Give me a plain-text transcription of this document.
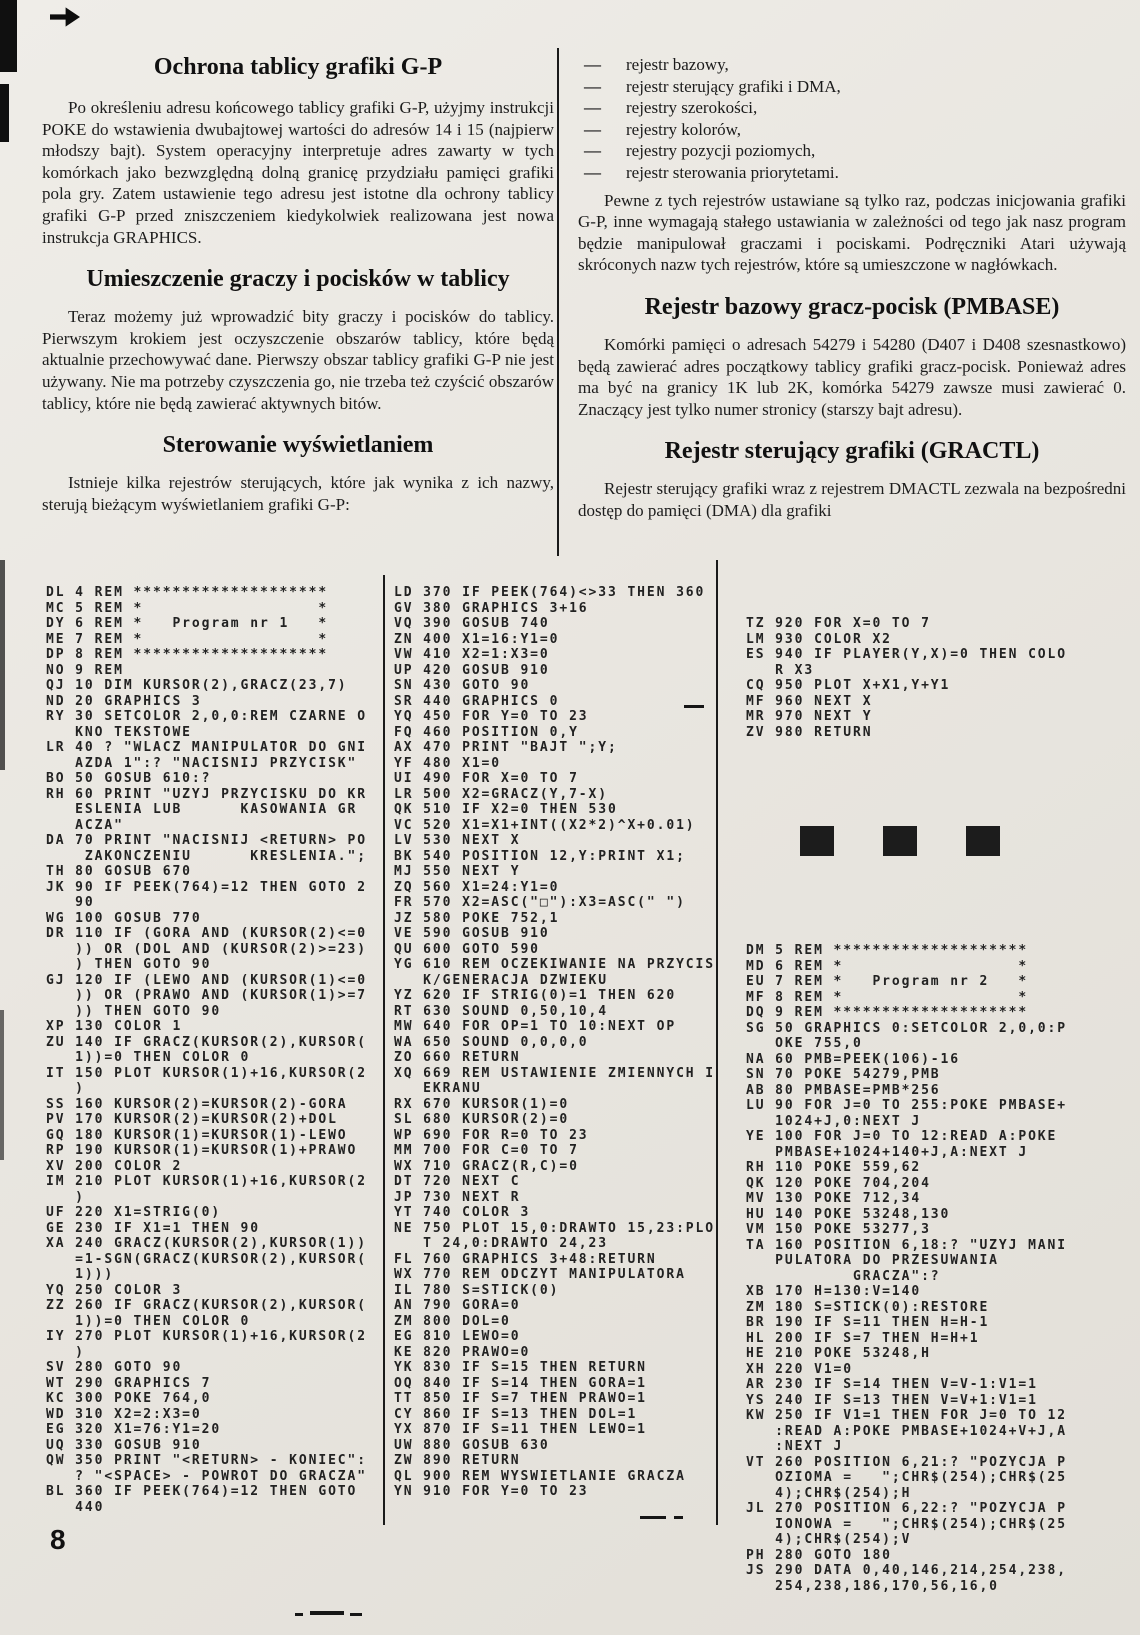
Ochrona tablicy grafiki G-P

Po określeniu adresu końcowego tablicy grafiki G-P, użyjmy instrukcji POKE do wstawienia dwubajtowej wartości do adresów 14 i 15 (najpierw młodszy bajt). System operacyjny interpretuje adres zawarty w tych komórkach jako bezwzględną dolną granicę przydziału pamięci grafiki pola gry. Zatem ustawienie tego adresu jest istotne dla ochrony tablicy grafiki G-P przed zniszczeniem kiedykolwiek realizowana jest nowa instrukcja GRAPHICS.

Umieszczenie graczy i pocisków w tablicy

Teraz możemy już wprowadzić bity graczy i pocisków do tablicy. Pierwszym krokiem jest oczyszczenie obszarów tablicy, które będą aktualnie przechowywać dane. Pierwszy obszar tablicy grafiki G-P nie jest używany. Nie ma potrzeby czyszczenia go, nie trzeba też czyścić obszarów tablicy, które nie będą zawierać aktywnych bitów.

Sterowanie wyświetlaniem

Istnieje kilka rejestrów sterujących, które jak wynika z ich nazwy, sterują bieżącym wyświetlaniem grafiki G-P:

— rejestr bazowy,
— rejestr sterujący grafiki i DMA,
— rejestry szerokości,
— rejestry kolorów,
— rejestry pozycji poziomych,
— rejestr sterowania priorytetami.

Pewne z tych rejestrów ustawiane są tylko raz, podczas inicjowania grafiki G-P, inne wymagają stałego ustawiania w zależności od tego jak nasz program będzie manipulował graczami i pociskami. Podręczniki Atari używają skróconych nazw tych rejestrów, które są umieszczone w nagłówkach.

Rejestr bazowy gracz-pocisk (PMBASE)

Komórki pamięci o adresach 54279 i 54280 (D407 i D408 szesnastkowo) będą zawierać adres początkowy tablicy grafiki gracz-pocisk. Ponieważ adres ma być na granicy 1K lub 2K, komórka 54279 zawsze musi zawierać 0. Znaczący jest tylko numer stronicy (starszy bajt adresu).

Rejestr sterujący grafiki (GRACTL)

Rejestr sterujący grafiki wraz z rejestrem DMACTL zezwala na bezpośredni dostęp do pamięci (DMA) dla grafiki

DL 4 REM ********************
MC 5 REM *                  *
DY 6 REM *   Program nr 1   *
ME 7 REM *                  *
DP 8 REM ********************
NO 9 REM
QJ 10 DIM KURSOR(2),GRACZ(23,7)
ND 20 GRAPHICS 3
RY 30 SETCOLOR 2,0,0:REM CZARNE O
KNO TEKSTOWE
LR 40 ? "WLACZ MANIPULATOR DO GNI
AZDA 1":? "NACISNIJ PRZYCISK"
BO 50 GOSUB 610:?
RH 60 PRINT "UZYJ PRZYCISKU DO KR
ESLENIA LUB      KASOWANIA GR
ACZA"
DA 70 PRINT "NACISNIJ <RETURN> PO
ZAKONCZENIU      KRESLENIA.";
TH 80 GOSUB 670
JK 90 IF PEEK(764)=12 THEN GOTO 2
90
WG 100 GOSUB 770
DR 110 IF (GORA AND (KURSOR(2)<=0
)) OR (DOL AND (KURSOR(2)>=23)
) THEN GOTO 90
GJ 120 IF (LEWO AND (KURSOR(1)<=0
)) OR (PRAWO AND (KURSOR(1)>=7
)) THEN GOTO 90
XP 130 COLOR 1
ZU 140 IF GRACZ(KURSOR(2),KURSOR(
1))=0 THEN COLOR 0
IT 150 PLOT KURSOR(1)+16,KURSOR(2
)
SS 160 KURSOR(2)=KURSOR(2)-GORA
PV 170 KURSOR(2)=KURSOR(2)+DOL
GQ 180 KURSOR(1)=KURSOR(1)-LEWO
RP 190 KURSOR(1)=KURSOR(1)+PRAWO
XV 200 COLOR 2
IM 210 PLOT KURSOR(1)+16,KURSOR(2
)
UF 220 X1=STRIG(0)
GE 230 IF X1=1 THEN 90
XA 240 GRACZ(KURSOR(2),KURSOR(1))
=1-SGN(GRACZ(KURSOR(2),KURSOR(
1)))
YQ 250 COLOR 3
ZZ 260 IF GRACZ(KURSOR(2),KURSOR(
1))=0 THEN COLOR 0
IY 270 PLOT KURSOR(1)+16,KURSOR(2
)
SV 280 GOTO 90
WT 290 GRAPHICS 7
KC 300 POKE 764,0
WD 310 X2=2:X3=0
EG 320 X1=76:Y1=20
UQ 330 GOSUB 910
QW 350 PRINT "<RETURN> - KONIEC":
? "<SPACE> - POWROT DO GRACZA"
BL 360 IF PEEK(764)=12 THEN GOTO
440
LD 370 IF PEEK(764)<>33 THEN 360
GV 380 GRAPHICS 3+16
VQ 390 GOSUB 740
ZN 400 X1=16:Y1=0
VW 410 X2=1:X3=0
UP 420 GOSUB 910
SN 430 GOTO 90
SR 440 GRAPHICS 0
YQ 450 FOR Y=0 TO 23
FQ 460 POSITION 0,Y
AX 470 PRINT "BAJT ";Y;
YF 480 X1=0
UI 490 FOR X=0 TO 7
LR 500 X2=GRACZ(Y,7-X)
QK 510 IF X2=0 THEN 530
VC 520 X1=X1+INT((X2*2)^X+0.01)
LV 530 NEXT X
BK 540 POSITION 12,Y:PRINT X1;
MJ 550 NEXT Y
ZQ 560 X1=24:Y1=0
FR 570 X2=ASC("□"):X3=ASC(" ")
JZ 580 POKE 752,1
VE 590 GOSUB 910
QU 600 GOTO 590
YG 610 REM OCZEKIWANIE NA PRZYCIS
K/GENERACJA DZWIEKU
YZ 620 IF STRIG(0)=1 THEN 620
RT 630 SOUND 0,50,10,4
MW 640 FOR OP=1 TO 10:NEXT OP
WA 650 SOUND 0,0,0,0
ZO 660 RETURN
XQ 669 REM USTAWIENIE ZMIENNYCH I
EKRANU
RX 670 KURSOR(1)=0
SL 680 KURSOR(2)=0
WP 690 FOR R=0 TO 23
MM 700 FOR C=0 TO 7
WX 710 GRACZ(R,C)=0
DT 720 NEXT C
JP 730 NEXT R
YT 740 COLOR 3
NE 750 PLOT 15,0:DRAWTO 15,23:PLO
T 24,0:DRAWTO 24,23
FL 760 GRAPHICS 3+48:RETURN
WX 770 REM ODCZYT MANIPULATORA
IL 780 S=STICK(0)
AN 790 GORA=0
ZM 800 DOL=0
EG 810 LEWO=0
KE 820 PRAWO=0
YK 830 IF S=15 THEN RETURN
OQ 840 IF S=14 THEN GORA=1
TT 850 IF S=7 THEN PRAWO=1
CY 860 IF S=13 THEN DOL=1
YX 870 IF S=11 THEN LEWO=1
UW 880 GOSUB 630
ZW 890 RETURN
QL 900 REM WYSWIETLANIE GRACZA
YN 910 FOR Y=0 TO 23

TZ 920 FOR X=0 TO 7
LM 930 COLOR X2
ES 940 IF PLAYER(Y,X)=0 THEN COLO
R X3
CQ 950 PLOT X+X1,Y+Y1
MF 960 NEXT X
MR 970 NEXT Y
ZV 980 RETURN

DM 5 REM ********************
MD 6 REM *                  *
EU 7 REM *   Program nr 2   *
MF 8 REM *                  *
DQ 9 REM ********************
SG 50 GRAPHICS 0:SETCOLOR 2,0,0:P
OKE 755,0
NA 60 PMB=PEEK(106)-16
SN 70 POKE 54279,PMB
AB 80 PMBASE=PMB*256
LU 90 FOR J=0 TO 255:POKE PMBASE+
1024+J,0:NEXT J
YE 100 FOR J=0 TO 12:READ A:POKE
PMBASE+1024+140+J,A:NEXT J
RH 110 POKE 559,62
QK 120 POKE 704,204
MV 130 POKE 712,34
HU 140 POKE 53248,130
VM 150 POKE 53277,3
TA 160 POSITION 6,18:? "UZYJ MANI
PULATORA DO PRZESUWANIA
GRACZA":?
XB 170 H=130:V=140
ZM 180 S=STICK(0):RESTORE
BR 190 IF S=11 THEN H=H-1
HL 200 IF S=7 THEN H=H+1
HE 210 POKE 53248,H
XH 220 V1=0
AR 230 IF S=14 THEN V=V-1:V1=1
YS 240 IF S=13 THEN V=V+1:V1=1
KW 250 IF V1=1 THEN FOR J=0 TO 12
:READ A:POKE PMBASE+1024+V+J,A
:NEXT J
VT 260 POSITION 6,21:? "POZYCJA P
OZIOMA =   ";CHR$(254);CHR$(25
4);CHR$(254);H
JL 270 POSITION 6,22:? "POZYCJA P
IONOWA =   ";CHR$(254);CHR$(25
4);CHR$(254);V
PH 280 GOTO 180
JS 290 DATA 0,40,146,214,254,238,
254,238,186,170,56,16,0

8
